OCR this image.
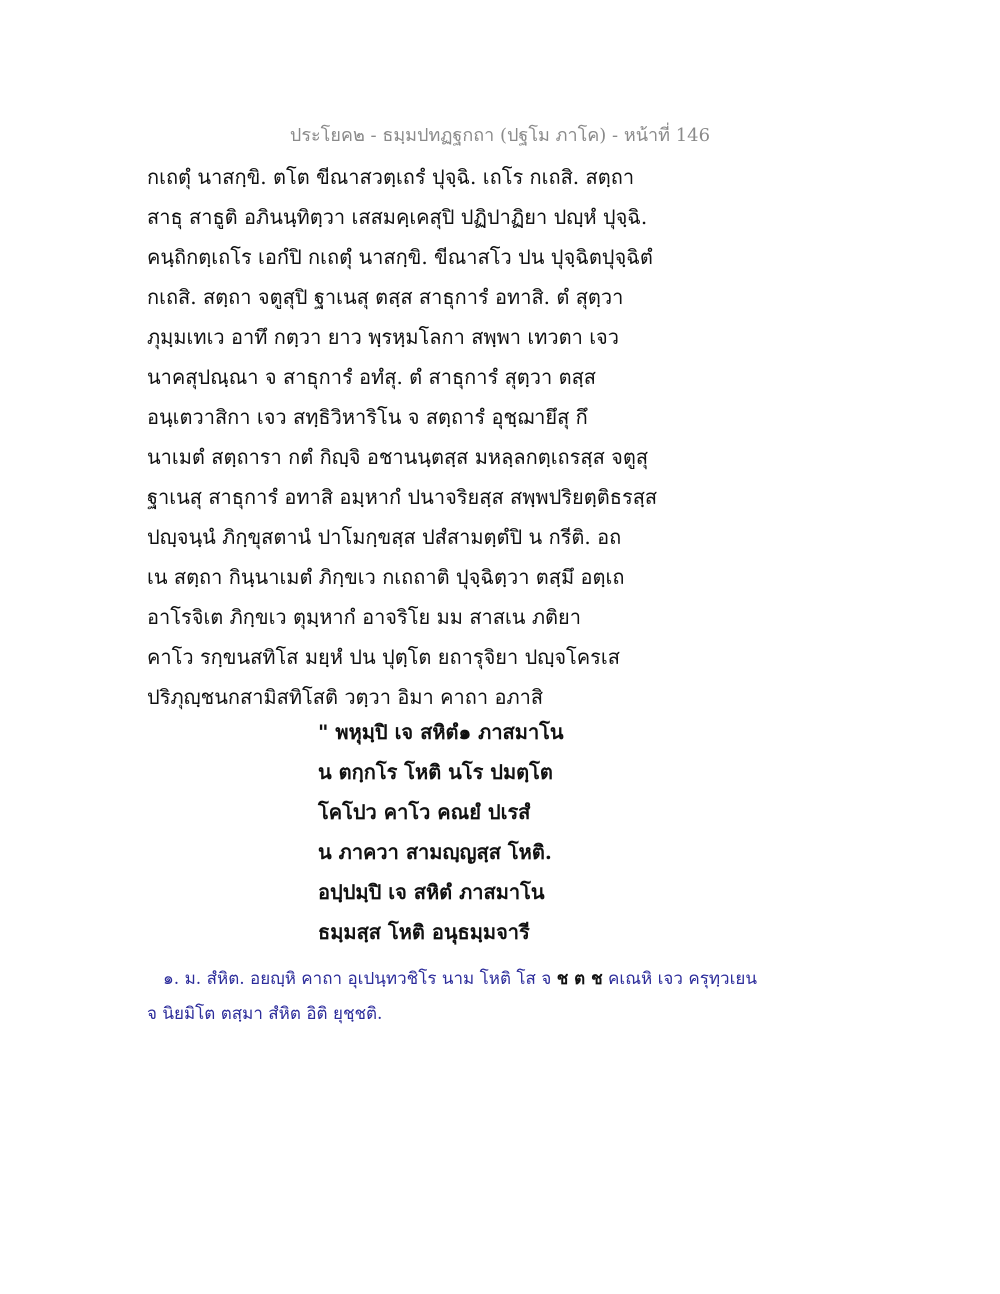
ประโยค๒ - ธมฺมปทฏฐกถา (ปฐโม ภาโค) - หน้าที่ 146
กเถตุํ นาสกฺขิ. ตโต ขีณาสวตฺเถรํ ปุจฺฉิ. เถโร กเถสิ. สตฺถา
สาธุ สาธูติ อภินนฺทิตฺวา เสสมคฺเคสุปิ ปฏิปาฏิยา ปญฺหํ ปุจฺฉิ.
คนฺถิกตฺเถโร เอกํปิ กเถตุํ นาสกฺขิ. ขีณาสโว ปน ปุจฺฉิตปุจฺฉิตํ
กเถสิ. สตฺถา จตูสุปิ ฐาเนสุ ตสฺส สาธุการํ อทาสิ. ตํ สุตฺวา
ภุมฺมเทเว อาทึ กตฺวา ยาว พฺรหฺมโลกา สพฺพา เทวตา เจว
นาคสุปณฺณา จ สาธุการํ อทํสุ. ตํ สาธุการํ สุตฺวา ตสฺส
อนฺเตวาสิกา เจว สทฺธิวิหาริโน จ สตฺถารํ อุชฺฌายึสุ กึ
นาเมตํ สตฺถารา กตํ กิญฺจิ อชานนฺตสฺส มหลฺลกตฺเถรสฺส จตูสุ
ฐาเนสุ สาธุการํ อทาสิ อมฺหากํ ปนาจริยสฺส สพฺพปริยตฺติธรสฺส
ปญฺจนฺนํ ภิกฺขุสตานํ ปาโมกฺขสฺส ปสํสามตฺตํปิ น กรีติ. อถ
เน สตฺถา กินฺนาเมตํ ภิกฺขเว กเถถาติ ปุจฺฉิตฺวา ตสฺมึ อตฺเถ
อาโรจิเต ภิกฺขเว ตุมฺหากํ อาจริโย มม สาสเน ภติยา
คาโว รกฺขนสทิโส มยฺหํ ปน ปุตฺโต ยถารุจิยา ปญฺจโครเส
ปริภุญฺชนกสามิสทิโสติ วตฺวา อิมา คาถา อภาสิ
" พหุมฺปิ เจ สหิตํ๑ ภาสมาโน
น ตกฺกโร โหติ นโร ปมตฺโต
โคโปว คาโว คณยํ ปเรสํ
น ภาควา สามญฺญสฺส โหติ.
อปฺปมฺปิ เจ สหิตํ ภาสมาโน
ธมฺมสฺส โหติ อนุธมฺมจารี
๑. ม. สํหิต. อยญฺหิ คาถา อุเปนฺทวชิโร นาม โหติ โส จ ช ต ช คเณหิ เจว ครุทฺวเยน
จ นิยมิโต ตสฺมา สํหิต อิติ ยุชฺชติ.
